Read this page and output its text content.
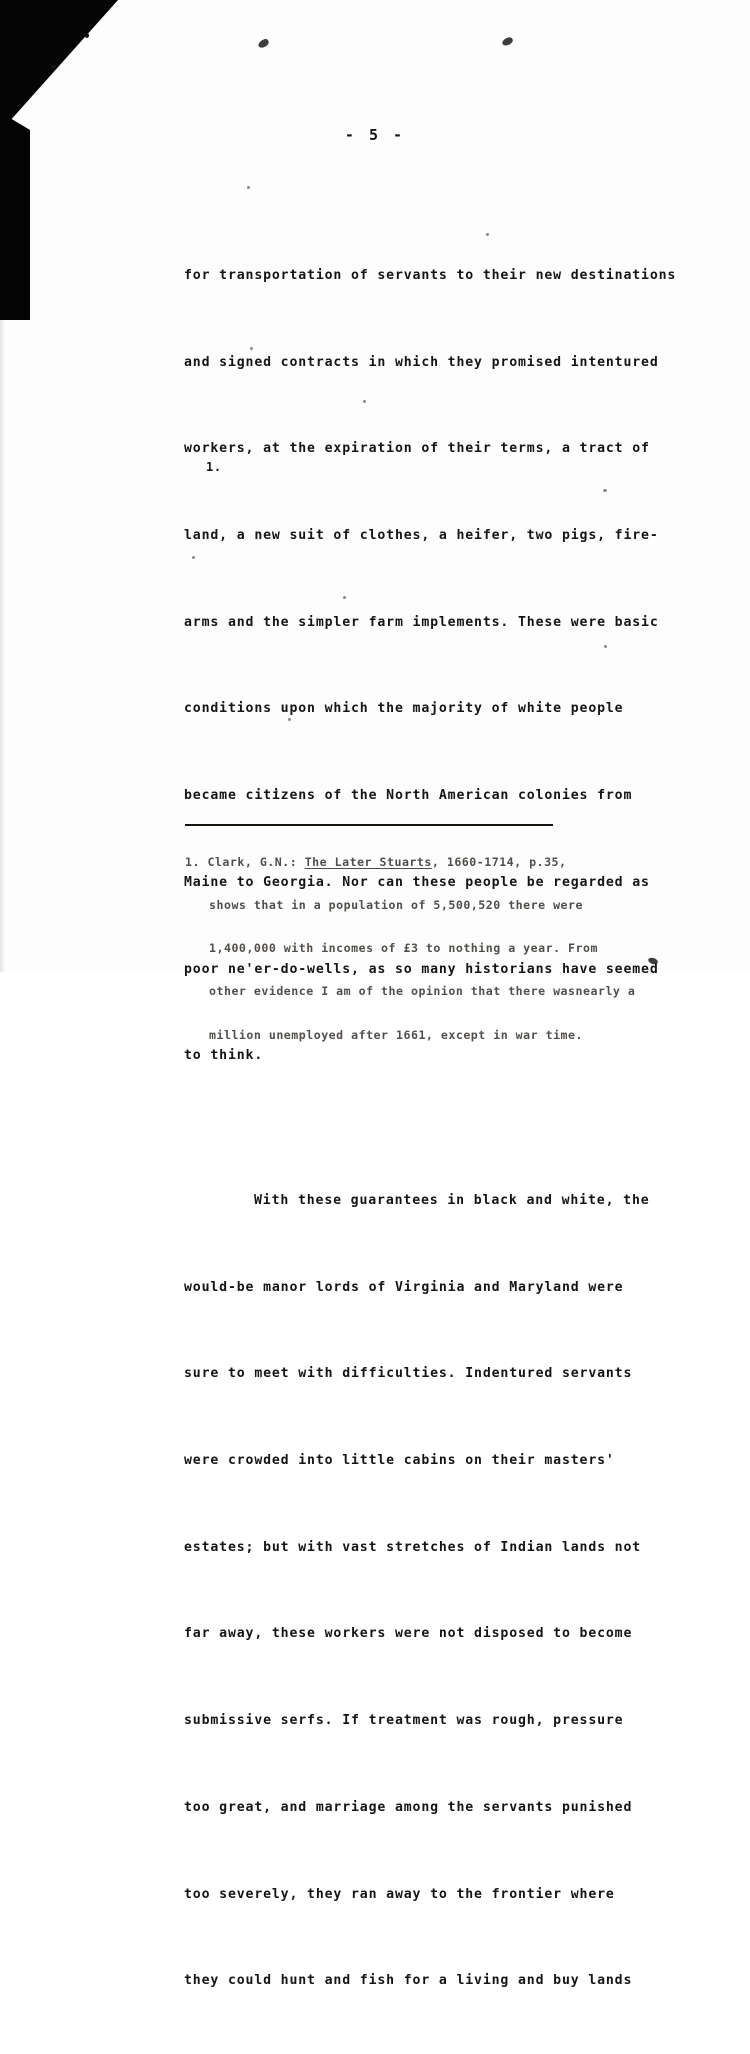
- 5 -

for transportation of servants to their new destinations

and signed contracts in which they promised intentured

workers, at the expiration of their terms, a tract of

land, a new suit of clothes, a heifer, two pigs, fire-

arms and the simpler farm implements. These were basic

conditions upon which the majority of white people

became citizens of the North American colonies from

Maine to Georgia. Nor can these people be regarded as

poor ne'er-do-wells, as so many historians have seemed

to think.

With these guarantees in black and white, the

would-be manor lords of Virginia and Maryland were

sure to meet with difficulties. Indentured servants

were crowded into little cabins on their masters'

estates; but with vast stretches of Indian lands not

far away, these workers were not disposed to become

submissive serfs. If treatment was rough, pressure

too great, and marriage among the servants punished

too severely, they ran away to the frontier where

they could hunt and fish for a living and buy lands

1.

1. Clark, G.N.: The Later Stuarts, 1660-1714, p.35,

shows that in a population of 5,500,520 there were

1,400,000 with incomes of £3 to nothing a year. From

other evidence I am of the opinion that there wasnearly a

million unemployed after 1661, except in war time.
